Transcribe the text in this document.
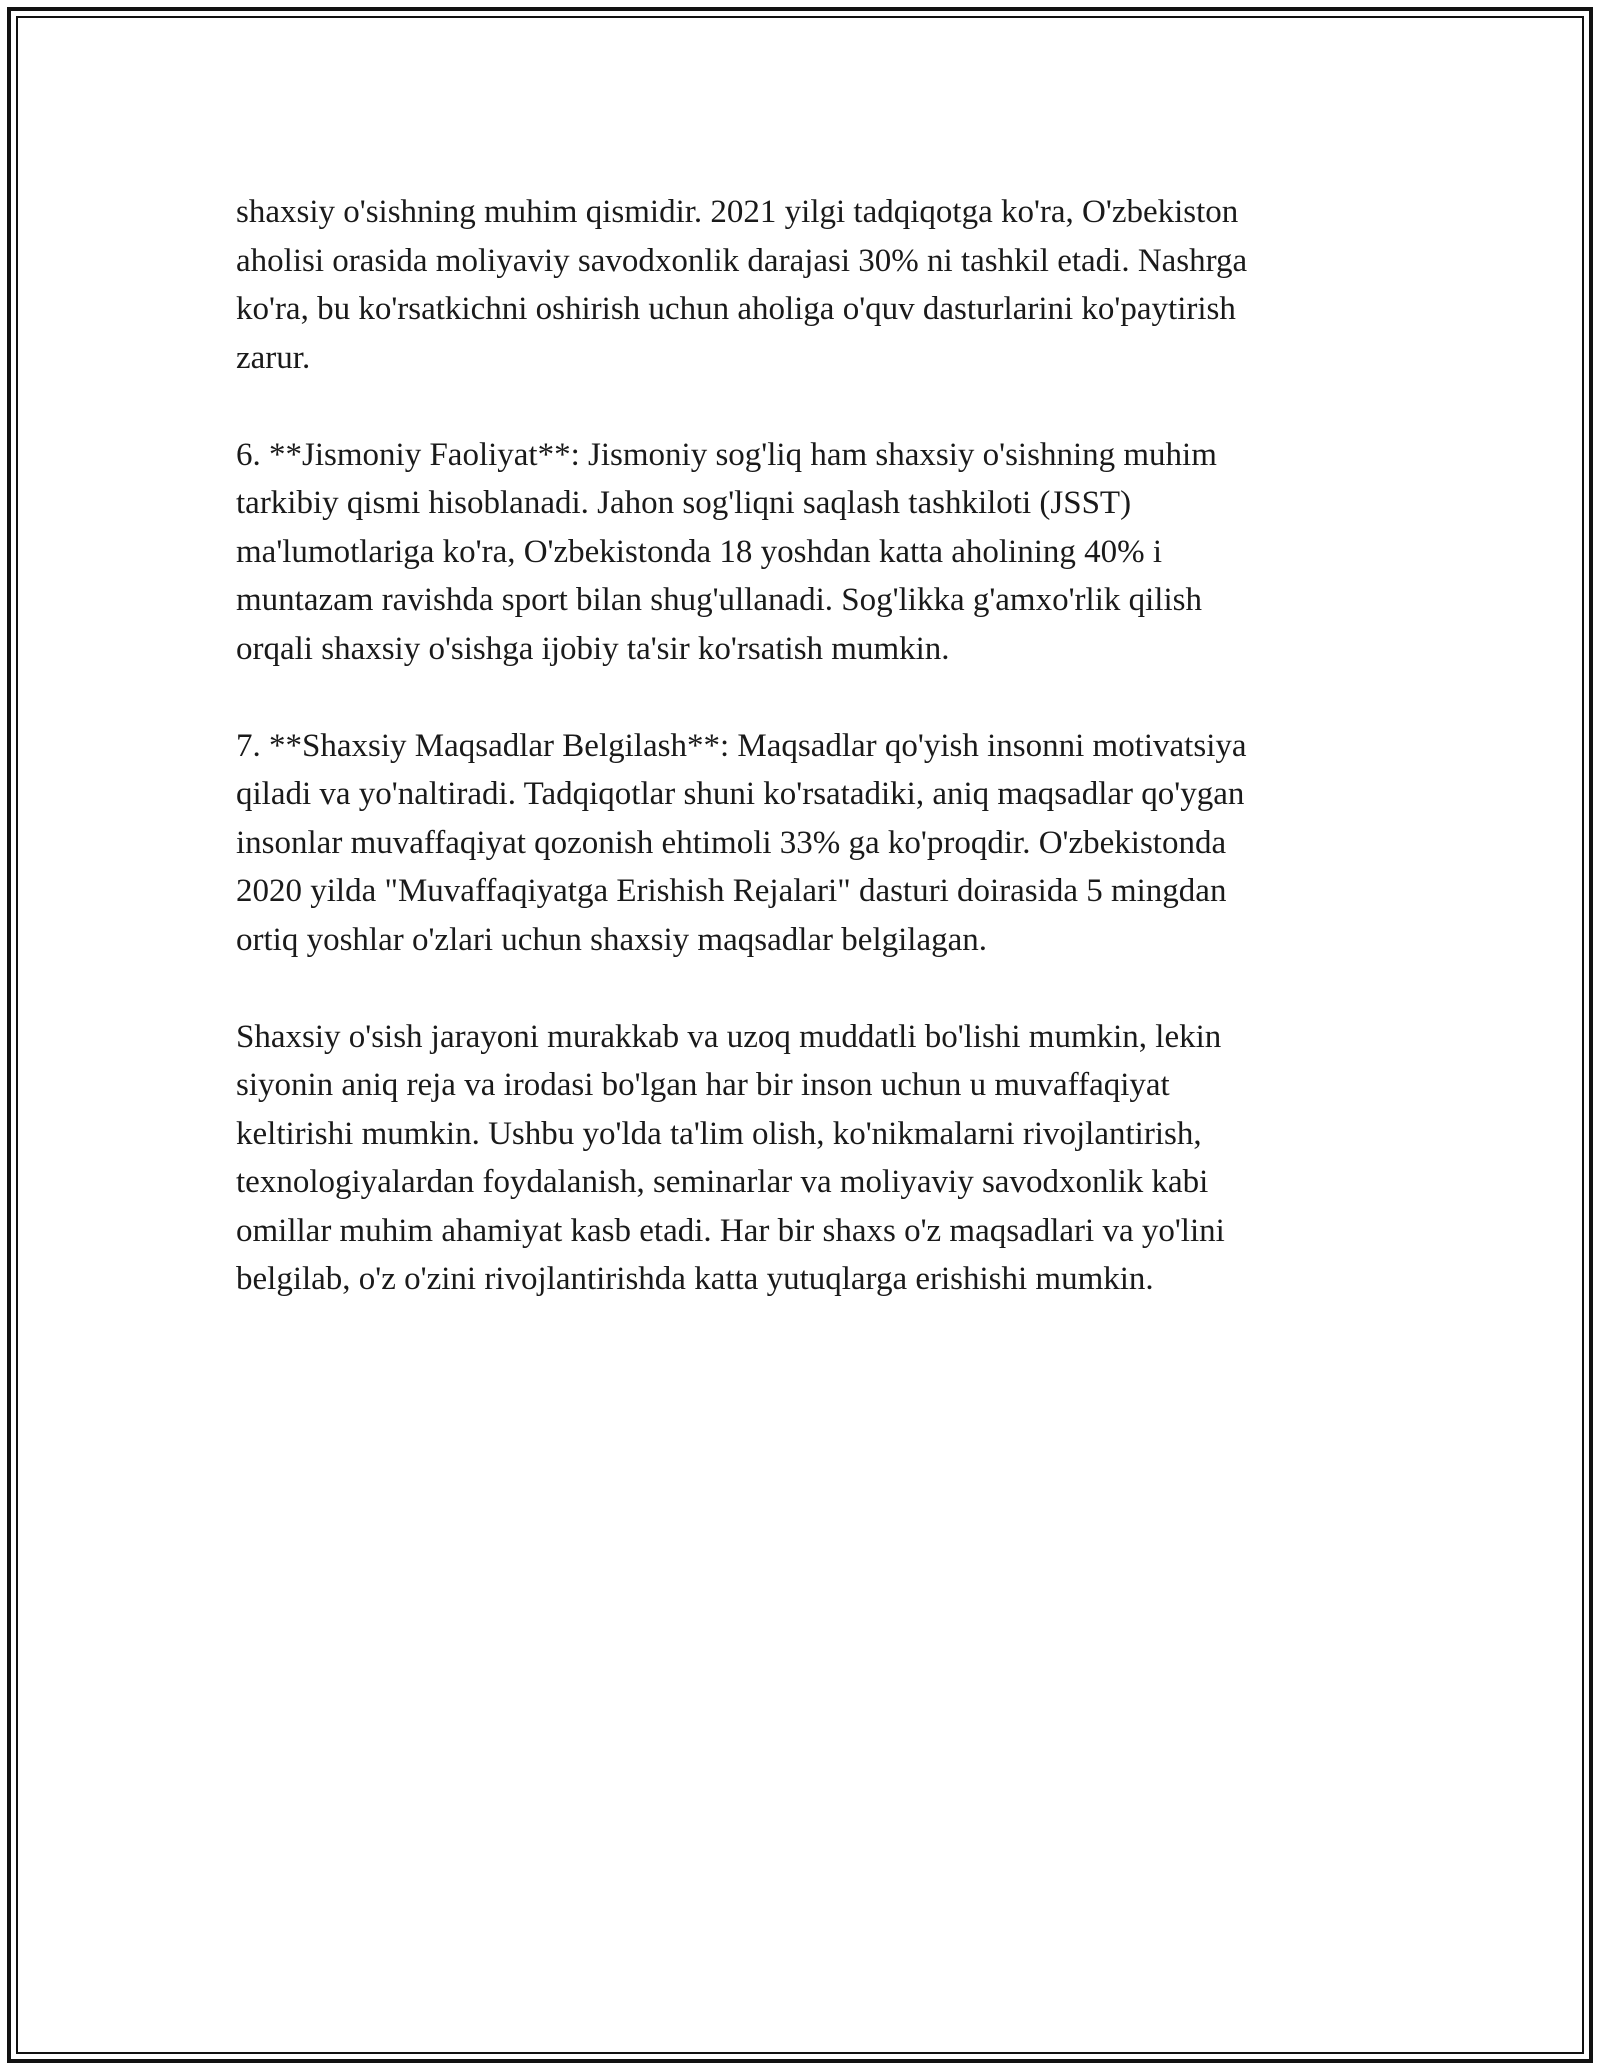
shaxsiy o'sishning muhim qismidir. 2021 yilgi tadqiqotga ko'ra, O'zbekiston
aholisi orasida moliyaviy savodxonlik darajasi 30% ni tashkil etadi. Nashrga
ko'ra, bu ko'rsatkichni oshirish uchun aholiga o'quv dasturlarini ko'paytirish
zarur.

6. **Jismoniy Faoliyat**: Jismoniy sog'liq ham shaxsiy o'sishning muhim
tarkibiy qismi hisoblanadi. Jahon sog'liqni saqlash tashkiloti (JSST)
ma'lumotlariga ko'ra, O'zbekistonda 18 yoshdan katta aholining 40% i
muntazam ravishda sport bilan shug'ullanadi. Sog'likka g'amxo'rlik qilish
orqali shaxsiy o'sishga ijobiy ta'sir ko'rsatish mumkin.

7. **Shaxsiy Maqsadlar Belgilash**: Maqsadlar qo'yish insonni motivatsiya
qiladi va yo'naltiradi. Tadqiqotlar shuni ko'rsatadiki, aniq maqsadlar qo'ygan
insonlar muvaffaqiyat qozonish ehtimoli 33% ga ko'proqdir. O'zbekistonda
2020 yilda "Muvaffaqiyatga Erishish Rejalari" dasturi doirasida 5 mingdan
ortiq yoshlar o'zlari uchun shaxsiy maqsadlar belgilagan.

Shaxsiy o'sish jarayoni murakkab va uzoq muddatli bo'lishi mumkin, lekin
siyonin aniq reja va irodasi bo'lgan har bir inson uchun u muvaffaqiyat
keltirishi mumkin. Ushbu yo'lda ta'lim olish, ko'nikmalarni rivojlantirish,
texnologiyalardan foydalanish, seminarlar va moliyaviy savodxonlik kabi
omillar muhim ahamiyat kasb etadi. Har bir shaxs o'z maqsadlari va yo'lini
belgilab, o'z o'zini rivojlantirishda katta yutuqlarga erishishi mumkin.
